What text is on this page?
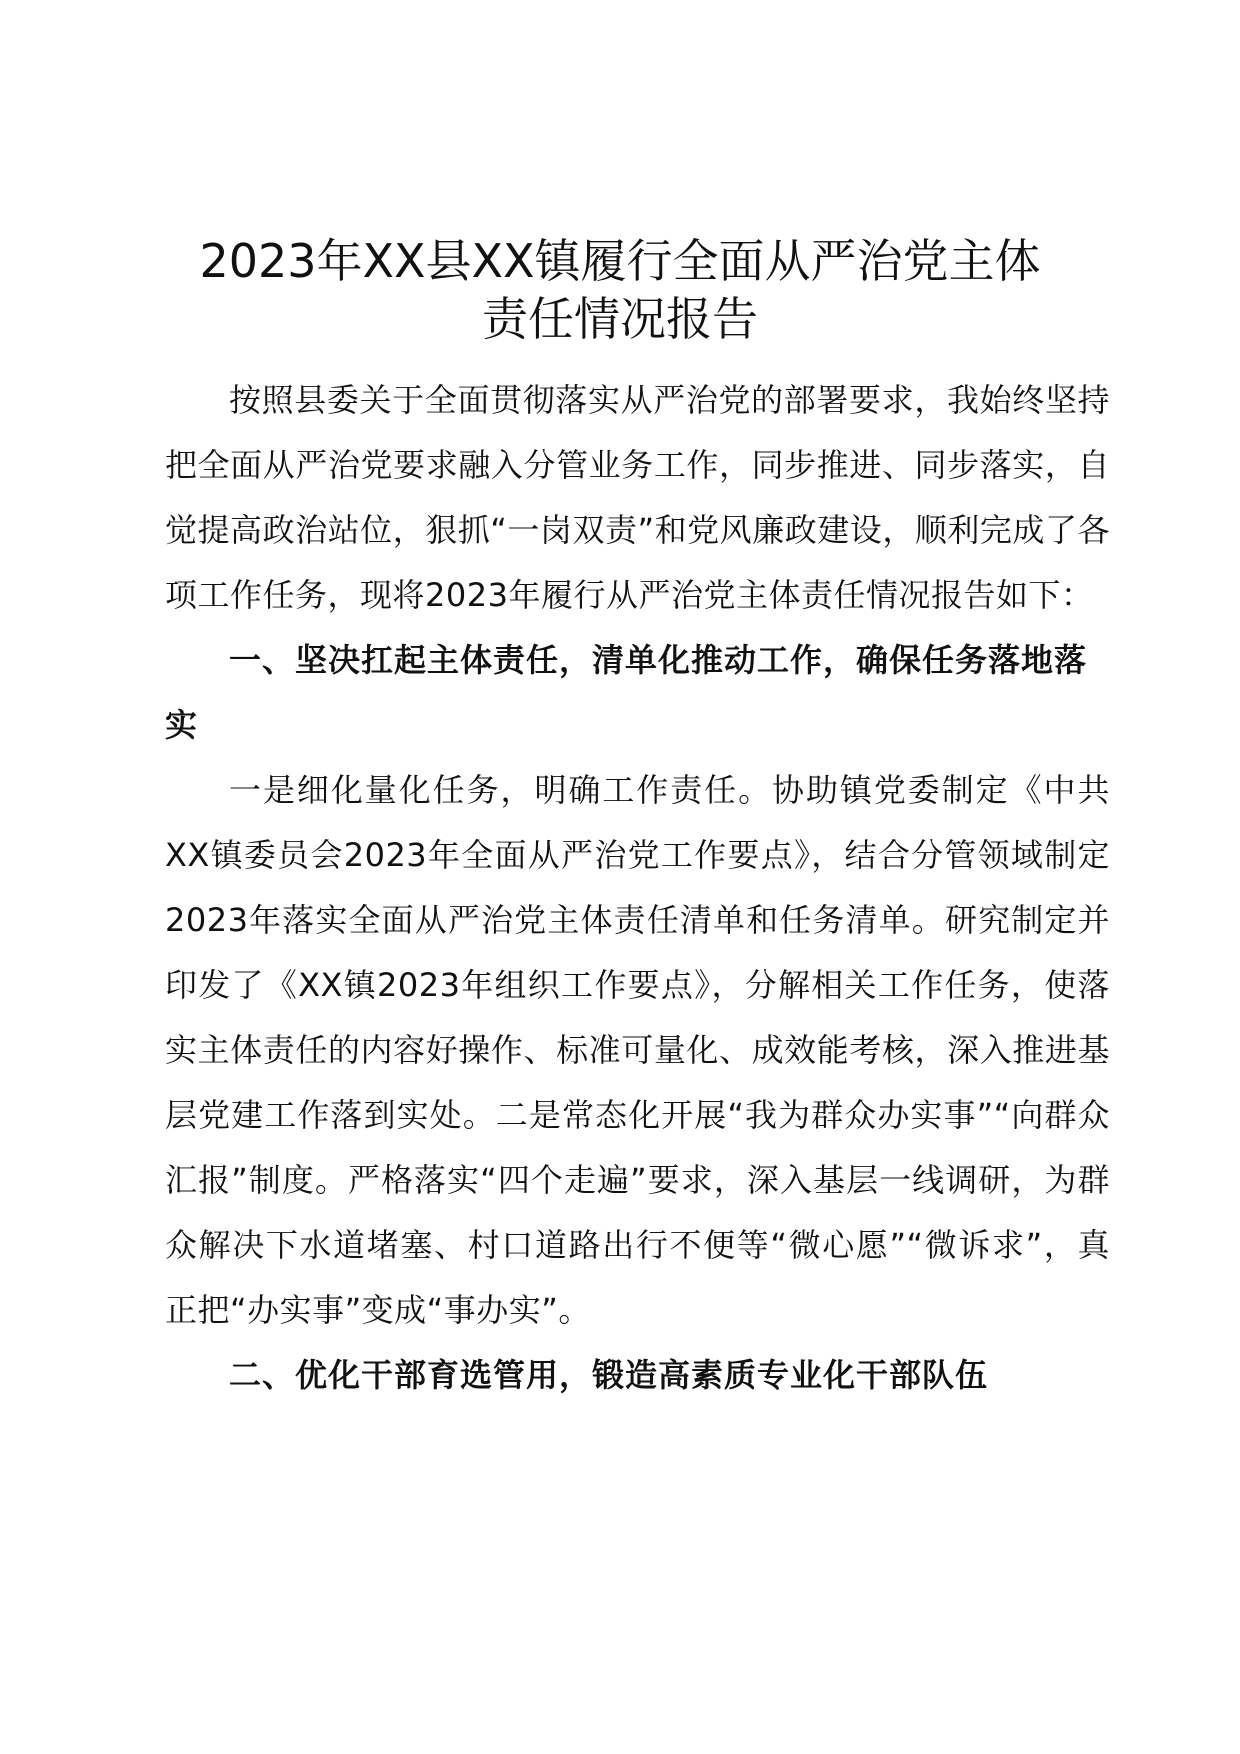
2023年XX县XX镇履行全面从严治党主体
责任情况报告

按照县委关于全面贯彻落实从严治党的部署要求，我始终坚持把全面从严治党要求融入分管业务工作，同步推进、同步落实，自觉提高政治站位，狠抓“一岗双责”和党风廉政建设，顺利完成了各项工作任务，现将2023年履行从严治党主体责任情况报告如下：

一、坚决扛起主体责任，清单化推动工作，确保任务落地落实

一是细化量化任务，明确工作责任。协助镇党委制定《中共XX镇委员会2023年全面从严治党工作要点》，结合分管领域制定2023年落实全面从严治党主体责任清单和任务清单。研究制定并印发了《XX镇2023年组织工作要点》，分解相关工作任务，使落实主体责任的内容好操作、标准可量化、成效能考核，深入推进基层党建工作落到实处。二是常态化开展“我为群众办实事”“向群众汇报”制度。严格落实“四个走遍”要求，深入基层一线调研，为群众解决下水道堵塞、村口道路出行不便等“微心愿”“微诉求”，真正把“办实事”变成“事办实”。

二、优化干部育选管用，锻造高素质专业化干部队伍
